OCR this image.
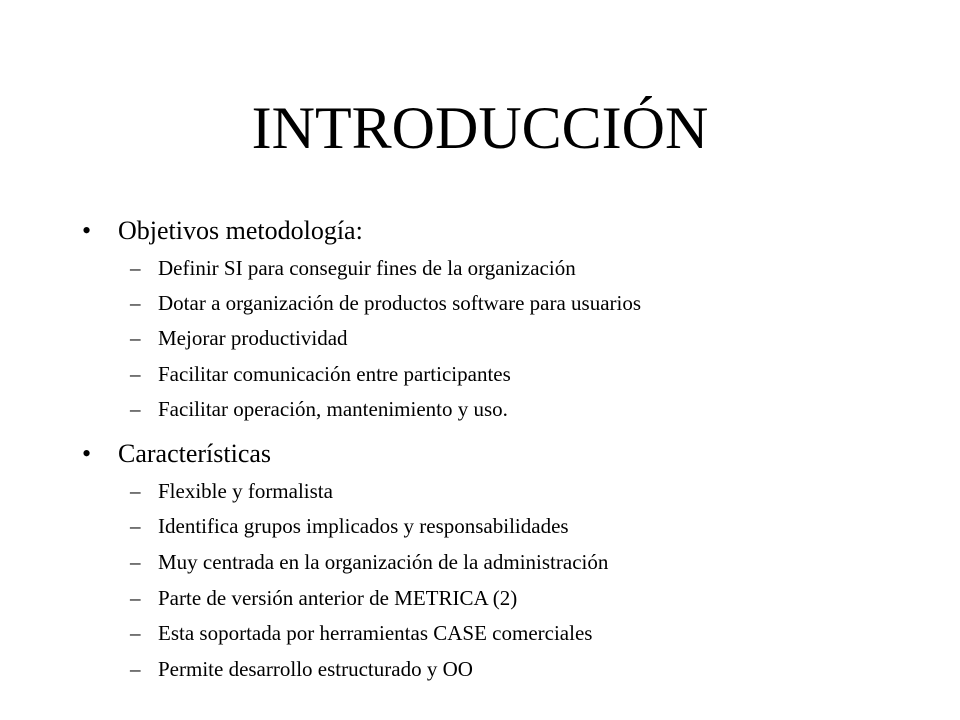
INTRODUCCIÓN
• Objetivos metodología:
– Definir SI para conseguir fines de la organización
– Dotar a organización de productos software para usuarios
– Mejorar productividad
– Facilitar comunicación entre participantes
– Facilitar operación, mantenimiento y uso.
• Características
– Flexible y formalista
– Identifica grupos implicados y responsabilidades
– Muy centrada en la organización de la administración
– Parte de versión anterior de METRICA (2)
– Esta soportada por herramientas CASE comerciales
– Permite desarrollo estructurado y OO
